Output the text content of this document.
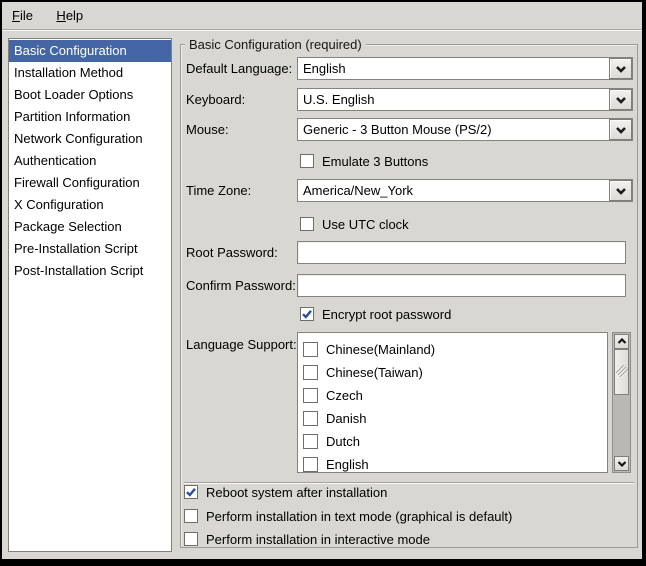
File Help
Basic Configuration
Installation Method
Boot Loader Options
Partition Information
Network Configuration
Authentication
Firewall Configuration
X Configuration
Package Selection
Pre-Installation Script
Post-Installation Script
Basic Configuration (required)
Default Language: English
Keyboard:	U.S. English
Mouse:	Generic - 3 Button Mouse (PS/2)
Emulate 3 Buttons
Time Zone:	America/New_York
Use UTC clock
Root Password:
Confirm Password:
Encrypt root password
Language Support: Chinese(Mainland)
Chinese(Taiwan)
Czech
Danish
Dutch
English
Reboot system after installation
Perform installation in text mode (graphical is default)
Perform installation in interactive mode
